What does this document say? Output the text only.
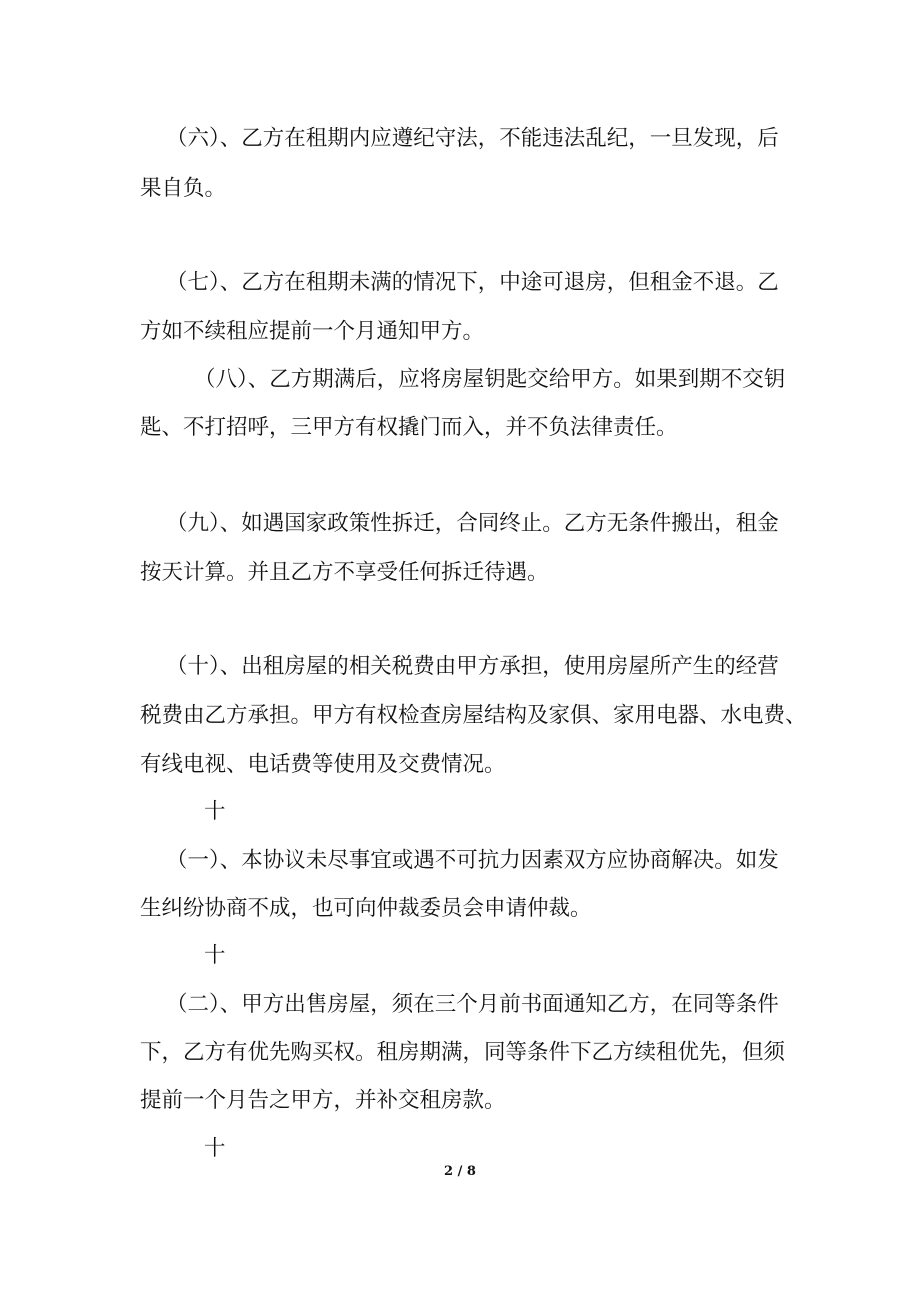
（六）、乙方在租期内应遵纪守法，不能违法乱纪，一旦发现，后
果自负。
（七）、乙方在租期未满的情况下，中途可退房，但租金不退。乙
方如不续租应提前一个月通知甲方。
（八）、乙方期满后，应将房屋钥匙交给甲方。如果到期不交钥
匙、不打招呼，三甲方有权撬门而入，并不负法律责任。
（九）、如遇国家政策性拆迁，合同终止。乙方无条件搬出，租金
按天计算。并且乙方不享受任何拆迁待遇。
（十）、出租房屋的相关税费由甲方承担，使用房屋所产生的经营
税费由乙方承担。甲方有权检查房屋结构及家俱、家用电器、水电费、
有线电视、电话费等使用及交费情况。
十
（一）、本协议未尽事宜或遇不可抗力因素双方应协商解决。如发
生纠纷协商不成，也可向仲裁委员会申请仲裁。
十
（二）、甲方出售房屋，须在三个月前书面通知乙方，在同等条件
下，乙方有优先购买权。租房期满，同等条件下乙方续租优先，但须
提前一个月告之甲方，并补交租房款。
十
2 / 8
